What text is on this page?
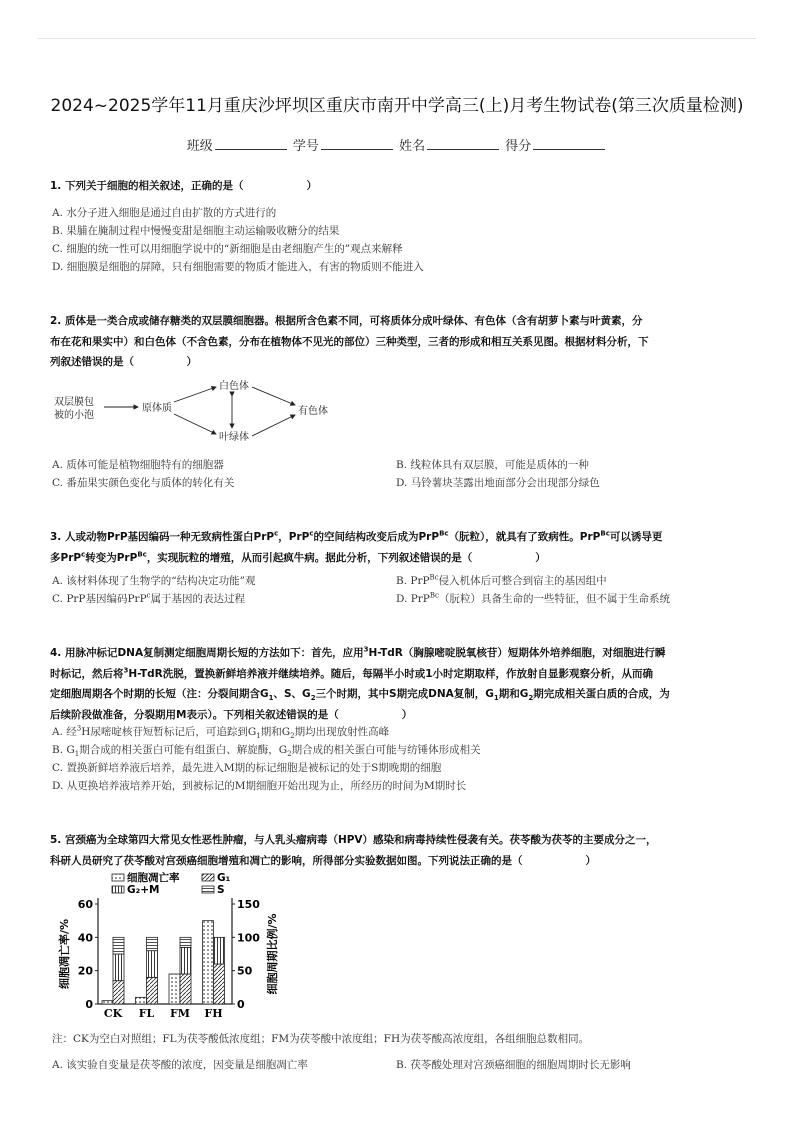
2024~2025学年11月重庆沙坪坝区重庆市南开中学高三(上)月考生物试卷(第三次质量检测)
班级	学号	姓名	得分
1. 下列关于细胞的相关叙述，正确的是（　　　　　　）
A. 水分子进入细胞是通过自由扩散的方式进行的
B. 果脯在腌制过程中慢慢变甜是细胞主动运输吸收糖分的结果
C. 细胞的统一性可以用细胞学说中的“新细胞是由老细胞产生的”观点来解释
D. 细胞膜是细胞的屏障，只有细胞需要的物质才能进入，有害的物质则不能进入
2. 质体是一类合成或储存糖类的双层膜细胞器。根据所含色素不同，可将质体分成叶绿体、有色体（含有胡萝卜素与叶黄素，分
布在花和果实中）和白色体（不含色素，分布在植物体不见光的部位）三种类型，三者的形成和相互关系见图。根据材料分析，下
列叙述错误的是（　　　　　）
双层膜包
被的小泡
原体质
白色体
有色体
叶绿体
A. 质体可能是植物细胞特有的细胞器	B. 线粒体具有双层膜，可能是质体的一种
C. 番茄果实颜色变化与质体的转化有关	D. 马铃薯块茎露出地面部分会出现部分绿色
3. 人或动物PrP基因编码一种无致病性蛋白PrP$^c$，PrP$^c$的空间结构改变后成为PrP$^{Bc}$（朊粒），就具有了致病性。PrP$^{Bc}$可以诱导更
多PrP$^c$转变为PrP$^{Bc}$，实现朊粒的增殖，从而引起疯牛病。据此分析，下列叙述错误的是（　　　　　　）
A. 该材料体现了生物学的“结构决定功能”观	B. PrP$^{Bc}$侵入机体后可整合到宿主的基因组中
C. PrP基因编码PrP$^c$属于基因的表达过程	D. PrP$^{Bc}$（朊粒）具备生命的一些特征，但不属于生命系统
4. 用脉冲标记DNA复制测定细胞周期长短的方法如下：首先，应用$^3$H-TdR（胸腺嘧啶脱氧核苷）短期体外培养细胞，对细胞进行瞬
时标记，然后将$^3$H-TdR洗脱，置换新鲜培养液并继续培养。随后，每隔半小时或1小时定期取样，作放射自显影观察分析，从而确
定细胞周期各个时期的长短（注：分裂间期含$G_1$、S、$G_2$三个时期，其中S期完成DNA复制，$G_1$期和$G_2$期完成相关蛋白质的合成，为
后续阶段做准备，分裂期用M表示）。下列相关叙述错误的是（　　　　　　）
A. 经$^3$H尿嘧啶核苷短暂标记后，可追踪到$G_1$期和$G_2$期均出现放射性高峰
B. $G_1$期合成的相关蛋白可能有组蛋白、解旋酶，$G_2$期合成的相关蛋白可能与纺锤体形成相关
C. 置换新鲜培养液后培养，最先进入M期的标记细胞是被标记的处于S期晚期的细胞
D. 从更换培养液培养开始，到被标记的M期细胞开始出现为止，所经历的时间为M期时长
5. 宫颈癌为全球第四大常见女性恶性肿瘤，与人乳头瘤病毒（HPV）感染和病毒持续性侵袭有关。茯苓酸为茯苓的主要成分之一，
科研人员研究了茯苓酸对宫颈癌细胞增殖和凋亡的影响，所得部分实验数据如图。下列说法正确的是（　　　　　　）
0
20
40
60
0
50
100
150
细胞凋亡率/%	细胞周期比例/%
CK FL FM FH
细胞凋亡率	G₁
G₂+M	S
注：CK为空白对照组；FL为茯苓酸低浓度组；FM为茯苓酸中浓度组；FH为茯苓酸高浓度组，各组细胞总数相同。
A. 该实验自变量是茯苓酸的浓度，因变量是细胞凋亡率	B. 茯苓酸处理对宫颈癌细胞的细胞周期时长无影响
